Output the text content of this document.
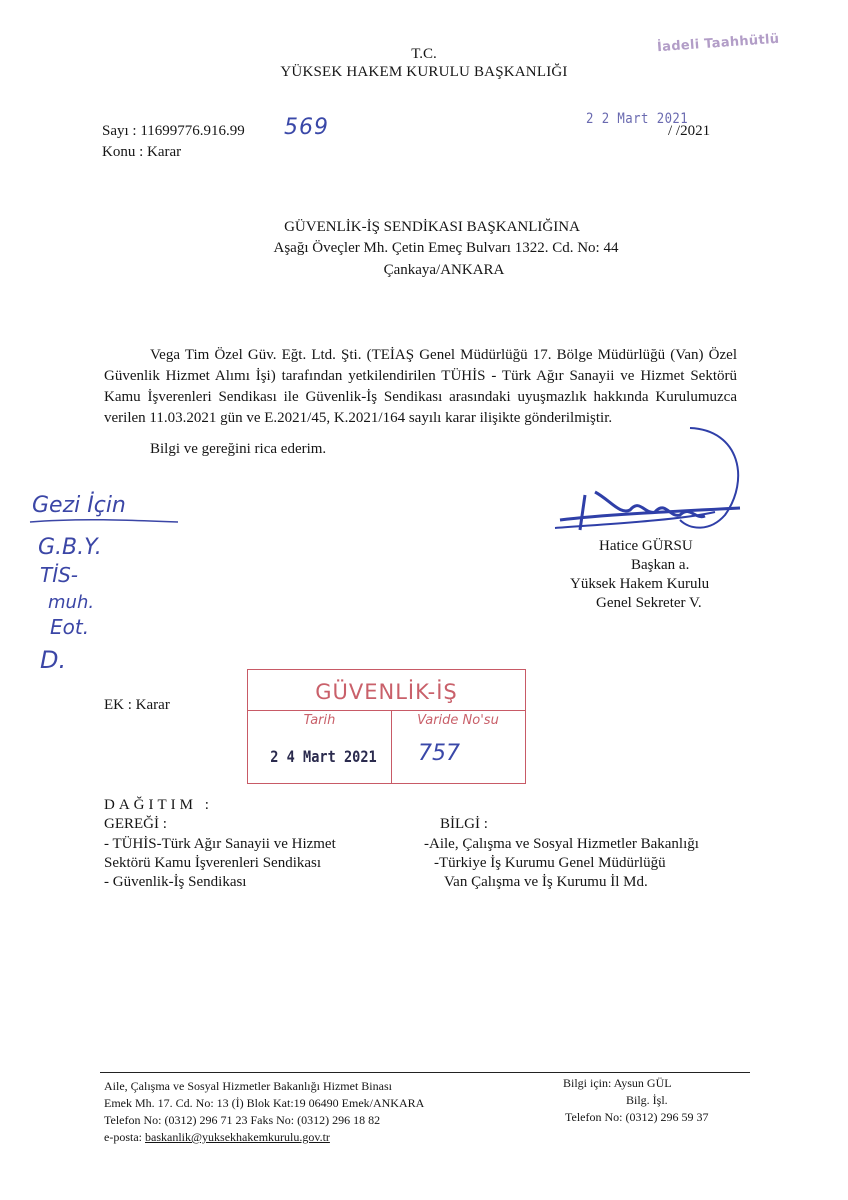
T.C.
YÜKSEK HAKEM KURULU BAŞKANLIĞI
İadeli Taahhütlü
Sayı : 11699776.916.99 569
Konu : Karar
2 2 Mart 2021
/ /2021
GÜVENLİK-İŞ SENDİKASI BAŞKANLIĞINA
Aşağı Öveçler Mh. Çetin Emeç Bulvarı 1322. Cd. No: 44
Çankaya/ANKARA
Vega Tim Özel Güv. Eğt. Ltd. Şti. (TEİAŞ Genel Müdürlüğü 17. Bölge Müdürlüğü (Van) Özel Güvenlik Hizmet Alımı İşi) tarafından yetkilendirilen TÜHİS - Türk Ağır Sanayii ve Hizmet Sektörü Kamu İşverenleri Sendikası ile Güvenlik-İş Sendikası arasındaki uyuşmazlık hakkında Kurulumuzca verilen 11.03.2021 gün ve E.2021/45, K.2021/164 sayılı karar ilişikte gönderilmiştir.
Bilgi ve gereğini rica ederim.
Hatice GÜRSU
Başkan a.
Yüksek Hakem Kurulu
Genel Sekreter V.
Gezi İçin
G.B.Y.
TİS-
muh.
Eot.
D.
EK : Karar
GÜVENLİK-İŞ
Tarih	Varide No'su
2 4 Mart 2021 757
DAĞITIM :
GEREĞİ :
- TÜHİS-Türk Ağır Sanayii ve Hizmet
Sektörü Kamu İşverenleri Sendikası
- Güvenlik-İş Sendikası
BİLGİ :
-Aile, Çalışma ve Sosyal Hizmetler Bakanlığı
-Türkiye İş Kurumu Genel Müdürlüğü
Van Çalışma ve İş Kurumu İl Md.
Aile, Çalışma ve Sosyal Hizmetler Bakanlığı Hizmet Binası
Emek Mh. 17. Cd. No: 13 (İ) Blok Kat:19 06490 Emek/ANKARA
Telefon No: (0312) 296 71 23 Faks No: (0312) 296 18 82
e-posta: baskanlik@yuksekhakemkurulu.gov.tr
Bilgi için: Aysun GÜL
Bilg. İşl.
Telefon No: (0312) 296 59 37
